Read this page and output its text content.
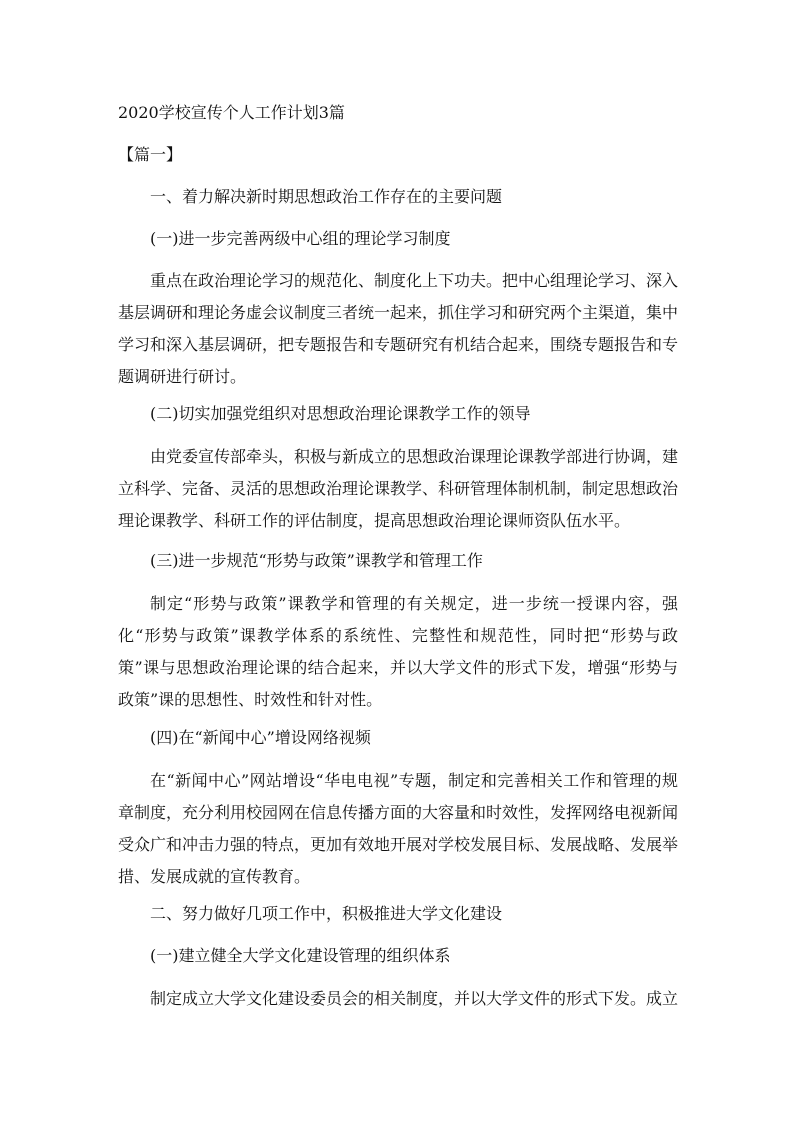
2020学校宣传个人工作计划3篇
【篇一】
一、着力解决新时期思想政治工作存在的主要问题
(一)进一步完善两级中心组的理论学习制度
重点在政治理论学习的规范化、制度化上下功夫。把中心组理论学习、深入基层调研和理论务虚会议制度三者统一起来，抓住学习和研究两个主渠道，集中学习和深入基层调研，把专题报告和专题研究有机结合起来，围绕专题报告和专题调研进行研讨。
(二)切实加强党组织对思想政治理论课教学工作的领导
由党委宣传部牵头，积极与新成立的思想政治课理论课教学部进行协调，建立科学、完备、灵活的思想政治理论课教学、科研管理体制机制，制定思想政治理论课教学、科研工作的评估制度，提高思想政治理论课师资队伍水平。
(三)进一步规范“形势与政策”课教学和管理工作
制定“形势与政策”课教学和管理的有关规定，进一步统一授课内容，强化“形势与政策”课教学体系的系统性、完整性和规范性，同时把“形势与政策”课与思想政治理论课的结合起来，并以大学文件的形式下发，增强“形势与政策”课的思想性、时效性和针对性。
(四)在“新闻中心”增设网络视频
在“新闻中心”网站增设“华电电视”专题，制定和完善相关工作和管理的规章制度，充分利用校园网在信息传播方面的大容量和时效性，发挥网络电视新闻受众广和冲击力强的特点，更加有效地开展对学校发展目标、发展战略、发展举措、发展成就的宣传教育。
二、努力做好几项工作中，积极推进大学文化建设
(一)建立健全大学文化建设管理的组织体系
制定成立大学文化建设委员会的相关制度，并以大学文件的形式下发。成立
